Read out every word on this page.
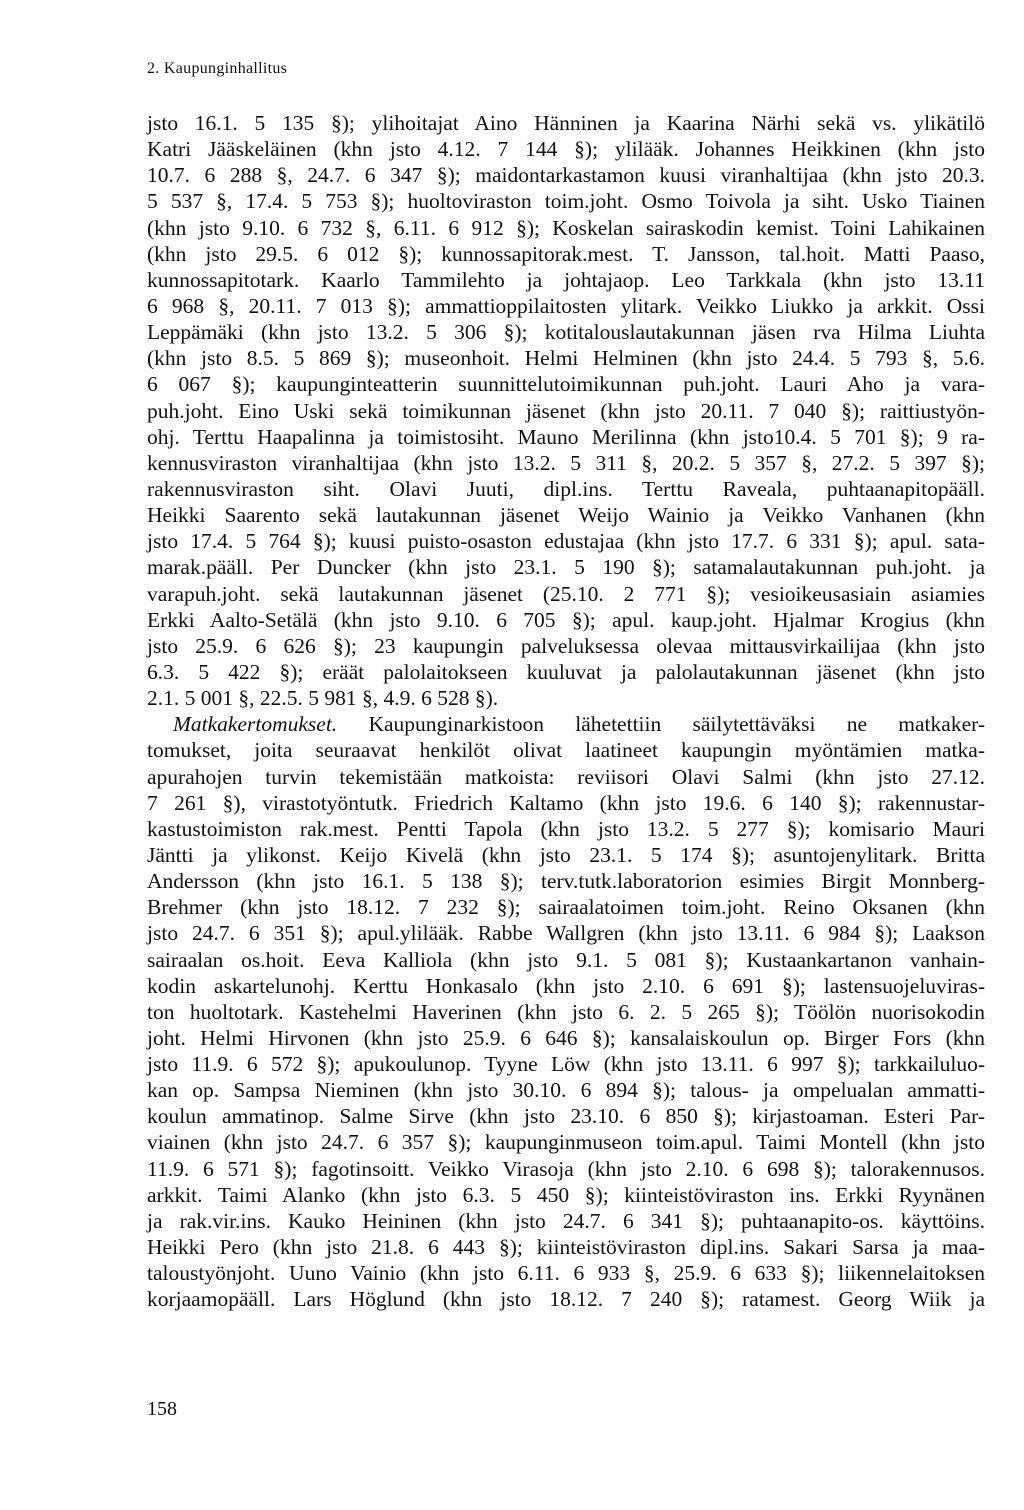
2. Kaupunginhallitus
jsto 16.1. 5 135 §); ylihoitajat Aino Hänninen ja Kaarina Närhi sekä vs. ylikätilö
Katri Jääskeläinen (khn jsto 4.12. 7 144 §); ylilääk. Johannes Heikkinen (khn jsto
10.7. 6 288 §, 24.7. 6 347 §); maidontarkastamon kuusi viranhaltijaa (khn jsto 20.3.
5 537 §, 17.4. 5 753 §); huoltoviraston toim.joht. Osmo Toivola ja siht. Usko Tiainen
(khn jsto 9.10. 6 732 §, 6.11. 6 912 §); Koskelan sairaskodin kemist. Toini Lahikainen
(khn jsto 29.5. 6 012 §); kunnossapitorak.mest. T. Jansson, tal.hoit. Matti Paaso,
kunnossapitotark. Kaarlo Tammilehto ja johtajaop. Leo Tarkkala (khn jsto 13.11
6 968 §, 20.11. 7 013 §); ammattioppilaitosten ylitark. Veikko Liukko ja arkkit. Ossi
Leppämäki (khn jsto 13.2. 5 306 §); kotitalouslautakunnan jäsen rva Hilma Liuhta
(khn jsto 8.5. 5 869 §); museonhoit. Helmi Helminen (khn jsto 24.4. 5 793 §, 5.6.
6 067 §); kaupunginteatterin suunnittelutoimikunnan puh.joht. Lauri Aho ja vara-
puh.joht. Eino Uski sekä toimikunnan jäsenet (khn jsto 20.11. 7 040 §); raittiustyön-
ohj. Terttu Haapalinna ja toimistosiht. Mauno Merilinna (khn jsto10.4. 5 701 §); 9 ra-
kennusviraston viranhaltijaa (khn jsto 13.2. 5 311 §, 20.2. 5 357 §, 27.2. 5 397 §);
rakennusviraston siht. Olavi Juuti, dipl.ins. Terttu Raveala, puhtaanapitopääll.
Heikki Saarento sekä lautakunnan jäsenet Weijo Wainio ja Veikko Vanhanen (khn
jsto 17.4. 5 764 §); kuusi puisto-osaston edustajaa (khn jsto 17.7. 6 331 §); apul. sata-
marak.pääll. Per Duncker (khn jsto 23.1. 5 190 §); satamalautakunnan puh.joht. ja
varapuh.joht. sekä lautakunnan jäsenet (25.10. 2 771 §); vesioikeusasiain asiamies
Erkki Aalto-Setälä (khn jsto 9.10. 6 705 §); apul. kaup.joht. Hjalmar Krogius (khn
jsto 25.9. 6 626 §); 23 kaupungin palveluksessa olevaa mittausvirkailijaa (khn jsto
6.3. 5 422 §); eräät palolaitokseen kuuluvat ja palolautakunnan jäsenet (khn jsto
2.1. 5 001 §, 22.5. 5 981 §, 4.9. 6 528 §).
Matkakertomukset. Kaupunginarkistoon lähetettiin säilytettäväksi ne matkaker-
tomukset, joita seuraavat henkilöt olivat laatineet kaupungin myöntämien matka-
apurahojen turvin tekemistään matkoista: reviisori Olavi Salmi (khn jsto 27.12.
7 261 §), virastotyöntutk. Friedrich Kaltamo (khn jsto 19.6. 6 140 §); rakennustar-
kastustoimiston rak.mest. Pentti Tapola (khn jsto 13.2. 5 277 §); komisario Mauri
Jäntti ja ylikonst. Keijo Kivelä (khn jsto 23.1. 5 174 §); asuntojenylitark. Britta
Andersson (khn jsto 16.1. 5 138 §); terv.tutk.laboratorion esimies Birgit Monnberg-
Brehmer (khn jsto 18.12. 7 232 §); sairaalatoimen toim.joht. Reino Oksanen (khn
jsto 24.7. 6 351 §); apul.ylilääk. Rabbe Wallgren (khn jsto 13.11. 6 984 §); Laakson
sairaalan os.hoit. Eeva Kalliola (khn jsto 9.1. 5 081 §); Kustaankartanon vanhain-
kodin askartelunohj. Kerttu Honkasalo (khn jsto 2.10. 6 691 §); lastensuojeluviras-
ton huoltotark. Kastehelmi Haverinen (khn jsto 6. 2. 5 265 §); Töölön nuorisokodin
joht. Helmi Hirvonen (khn jsto 25.9. 6 646 §); kansalaiskoulun op. Birger Fors (khn
jsto 11.9. 6 572 §); apukoulunop. Tyyne Löw (khn jsto 13.11. 6 997 §); tarkkailuluo-
kan op. Sampsa Nieminen (khn jsto 30.10. 6 894 §); talous- ja ompelualan ammatti-
koulun ammatinop. Salme Sirve (khn jsto 23.10. 6 850 §); kirjastoaman. Esteri Par-
viainen (khn jsto 24.7. 6 357 §); kaupunginmuseon toim.apul. Taimi Montell (khn jsto
11.9. 6 571 §); fagotinsoitt. Veikko Virasoja (khn jsto 2.10. 6 698 §); talorakennusos.
arkkit. Taimi Alanko (khn jsto 6.3. 5 450 §); kiinteistöviraston ins. Erkki Ryynänen
ja rak.vir.ins. Kauko Heininen (khn jsto 24.7. 6 341 §); puhtaanapito-os. käyttöins.
Heikki Pero (khn jsto 21.8. 6 443 §); kiinteistöviraston dipl.ins. Sakari Sarsa ja maa-
taloustyönjoht. Uuno Vainio (khn jsto 6.11. 6 933 §, 25.9. 6 633 §); liikennelaitoksen
korjaamopääll. Lars Höglund (khn jsto 18.12. 7 240 §); ratamest. Georg Wiik ja
158
